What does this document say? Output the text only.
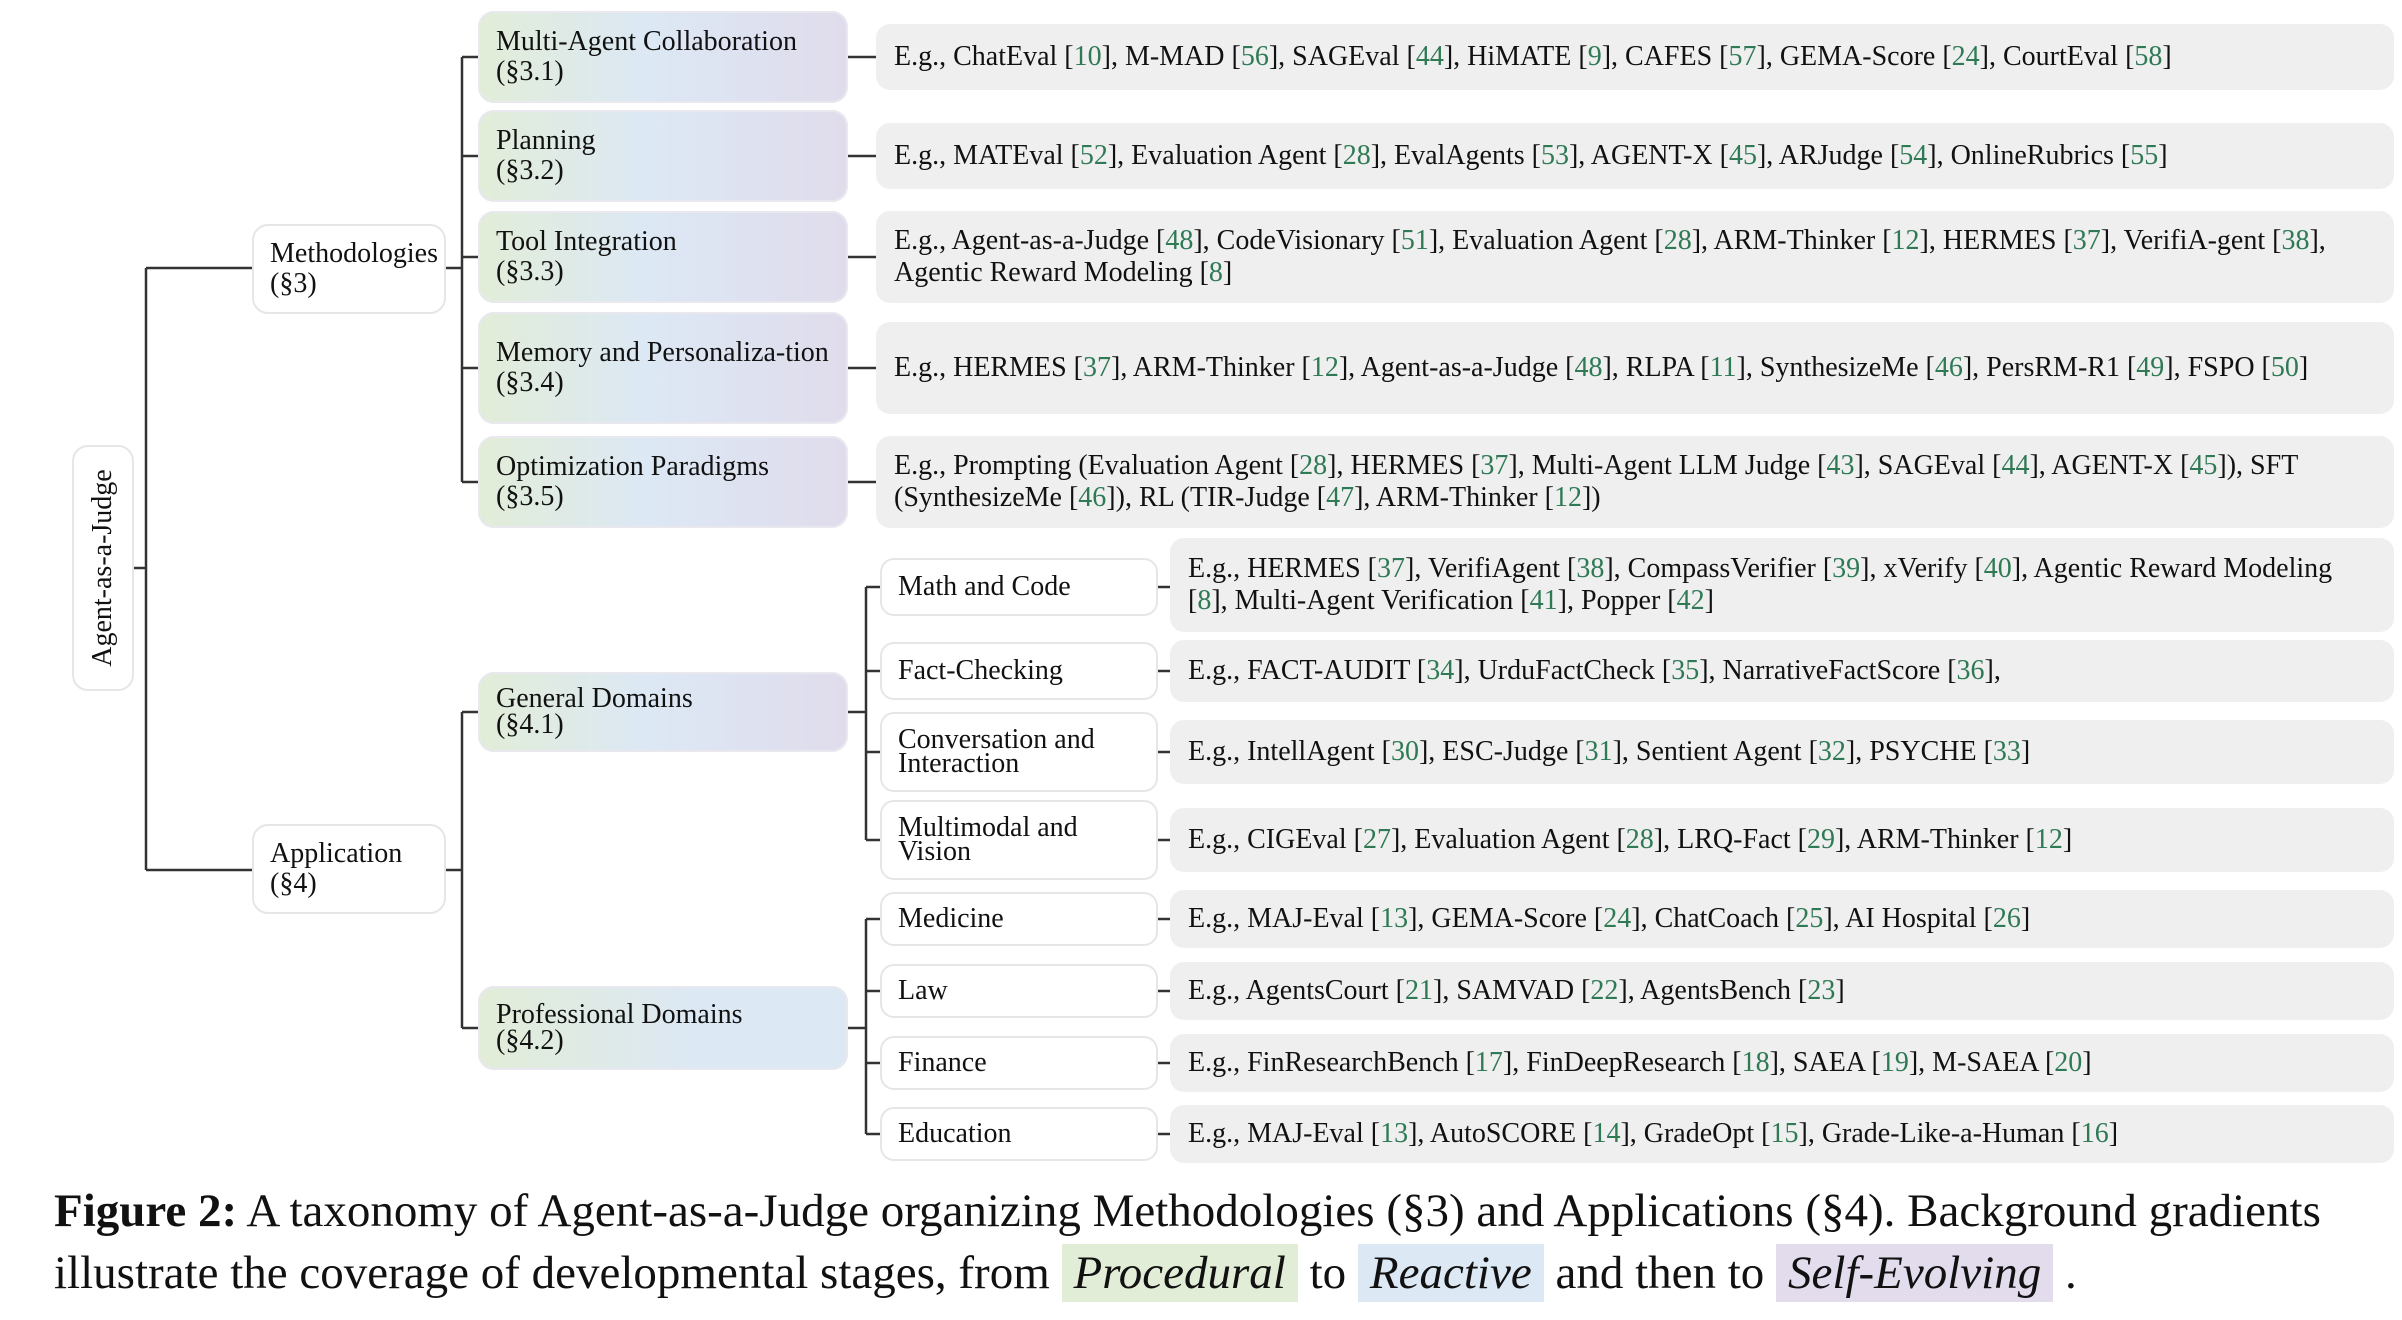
Agent-as-a-Judge
Methodologies
(§3)
Application
(§4)
Multi-Agent Collaboration
(§3.1)
Planning
(§3.2)
Tool Integration
(§3.3)
Memory and Personaliza-tion
(§3.4)
Optimization Paradigms
(§3.5)
E.g., ChatEval [10], M-MAD [56], SAGEval [44], HiMATE [9], CAFES [57], GEMA-Score [24], CourtEval [58]
E.g., MATEval [52], Evaluation Agent [28], EvalAgents [53], AGENT-X [45], ARJudge [54], OnlineRubrics [55]
E.g., Agent-as-a-Judge [48], CodeVisionary [51], Evaluation Agent [28], ARM-Thinker [12], HERMES [37], VerifiA-gent [38], Agentic Reward Modeling [8]
E.g., HERMES [37], ARM-Thinker [12], Agent-as-a-Judge [48], RLPA [11], SynthesizeMe [46], PersRM-R1 [49], FSPO [50]
E.g., Prompting (Evaluation Agent [28], HERMES [37], Multi-Agent LLM Judge [43], SAGEval [44], AGENT-X [45]), SFT (SynthesizeMe [46]), RL (TIR-Judge [47], ARM-Thinker [12])
General Domains
(§4.1)
Professional Domains
(§4.2)
Math and Code
Fact-Checking
Conversation and Interaction
Multimodal and Vision
E.g., HERMES [37], VerifiAgent [38], CompassVerifier [39], xVerify [40], Agentic Reward Modeling [8], Multi-Agent Verification [41], Popper [42]
E.g., FACT-AUDIT [34], UrduFactCheck [35], NarrativeFactScore [36],
E.g., IntellAgent [30], ESC-Judge [31], Sentient Agent [32], PSYCHE [33]
E.g., CIGEval [27], Evaluation Agent [28], LRQ-Fact [29], ARM-Thinker [12]
Medicine
Law
Finance
Education
E.g., MAJ-Eval [13], GEMA-Score [24], ChatCoach [25], AI Hospital [26]
E.g., AgentsCourt [21], SAMVAD [22], AgentsBench [23]
E.g., FinResearchBench [17], FinDeepResearch [18], SAEA [19], M-SAEA [20]
E.g., MAJ-Eval [13], AutoSCORE [14], GradeOpt [15], Grade-Like-a-Human [16]
Figure 2: A taxonomy of Agent-as-a-Judge organizing Methodologies (§3) and Applications (§4). Background gradients illustrate the coverage of developmental stages, from Procedural to Reactive and then to Self-Evolving .
